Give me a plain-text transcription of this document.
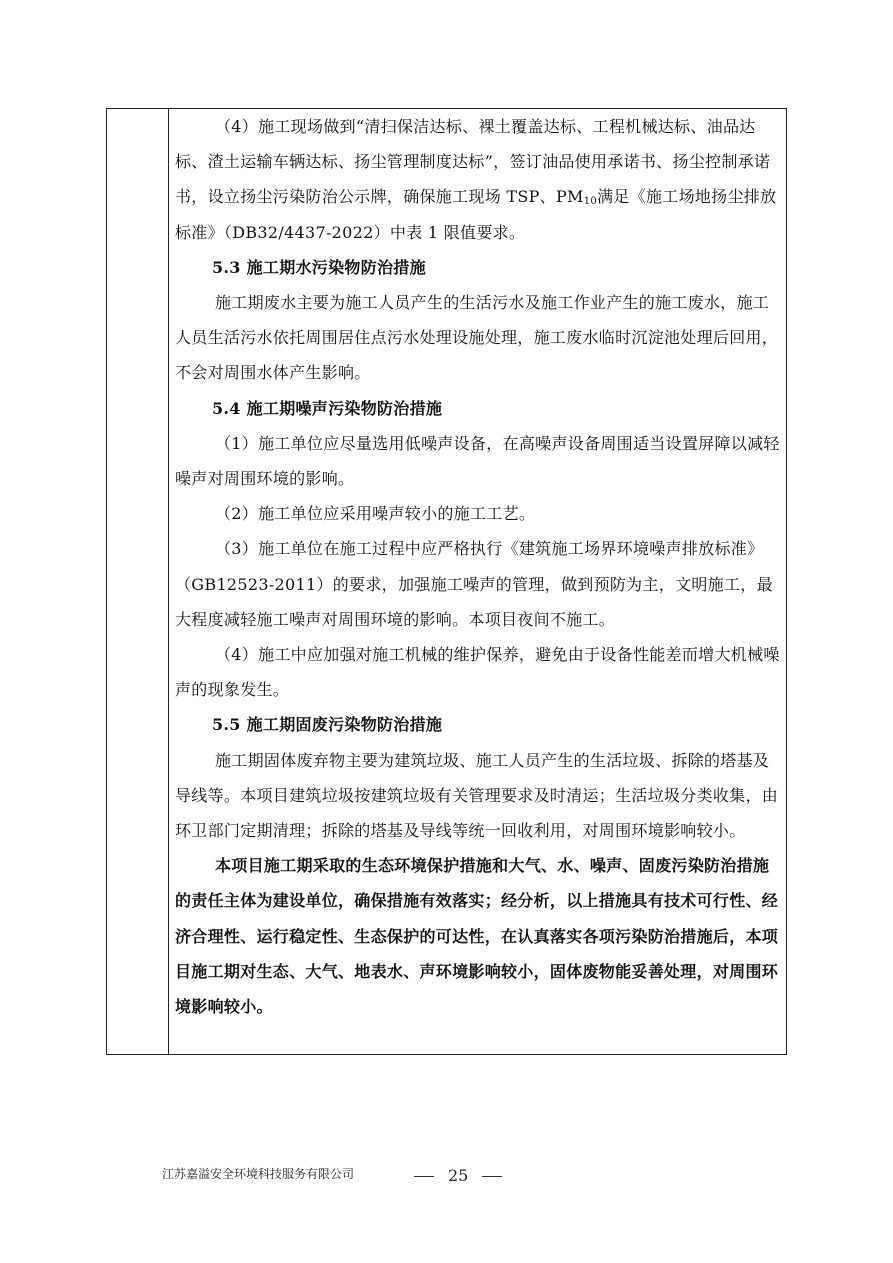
（4）施工现场做到“清扫保洁达标、裸土覆盖达标、工程机械达标、油品达标、渣土运输车辆达标、扬尘管理制度达标”，签订油品使用承诺书、扬尘控制承诺书，设立扬尘污染防治公示牌，确保施工现场 TSP、$PM_{10}$满足《施工场地扬尘排放标准》（DB32/4437-2022）中表 1 限值要求。

5.3 施工期水污染物防治措施

施工期废水主要为施工人员产生的生活污水及施工作业产生的施工废水，施工人员生活污水依托周围居住点污水处理设施处理，施工废水临时沉淀池处理后回用，不会对周围水体产生影响。

5.4 施工期噪声污染物防治措施

（1）施工单位应尽量选用低噪声设备，在高噪声设备周围适当设置屏障以减轻噪声对周围环境的影响。

（2）施工单位应采用噪声较小的施工工艺。

（3）施工单位在施工过程中应严格执行《建筑施工场界环境噪声排放标准》（GB12523-2011）的要求，加强施工噪声的管理，做到预防为主，文明施工，最大程度减轻施工噪声对周围环境的影响。本项目夜间不施工。

（4）施工中应加强对施工机械的维护保养，避免由于设备性能差而增大机械噪声的现象发生。

5.5 施工期固废污染物防治措施

施工期固体废弃物主要为建筑垃圾、施工人员产生的生活垃圾、拆除的塔基及导线等。本项目建筑垃圾按建筑垃圾有关管理要求及时清运；生活垃圾分类收集，由环卫部门定期清理；拆除的塔基及导线等统一回收利用，对周围环境影响较小。

本项目施工期采取的生态环境保护措施和大气、水、噪声、固废污染防治措施的责任主体为建设单位，确保措施有效落实；经分析，以上措施具有技术可行性、经济合理性、运行稳定性、生态保护的可达性，在认真落实各项污染防治措施后，本项目施工期对生态、大气、地表水、声环境影响较小，固体废物能妥善处理，对周围环境影响较小。

江苏嘉溢安全环境科技服务有限公司	25
